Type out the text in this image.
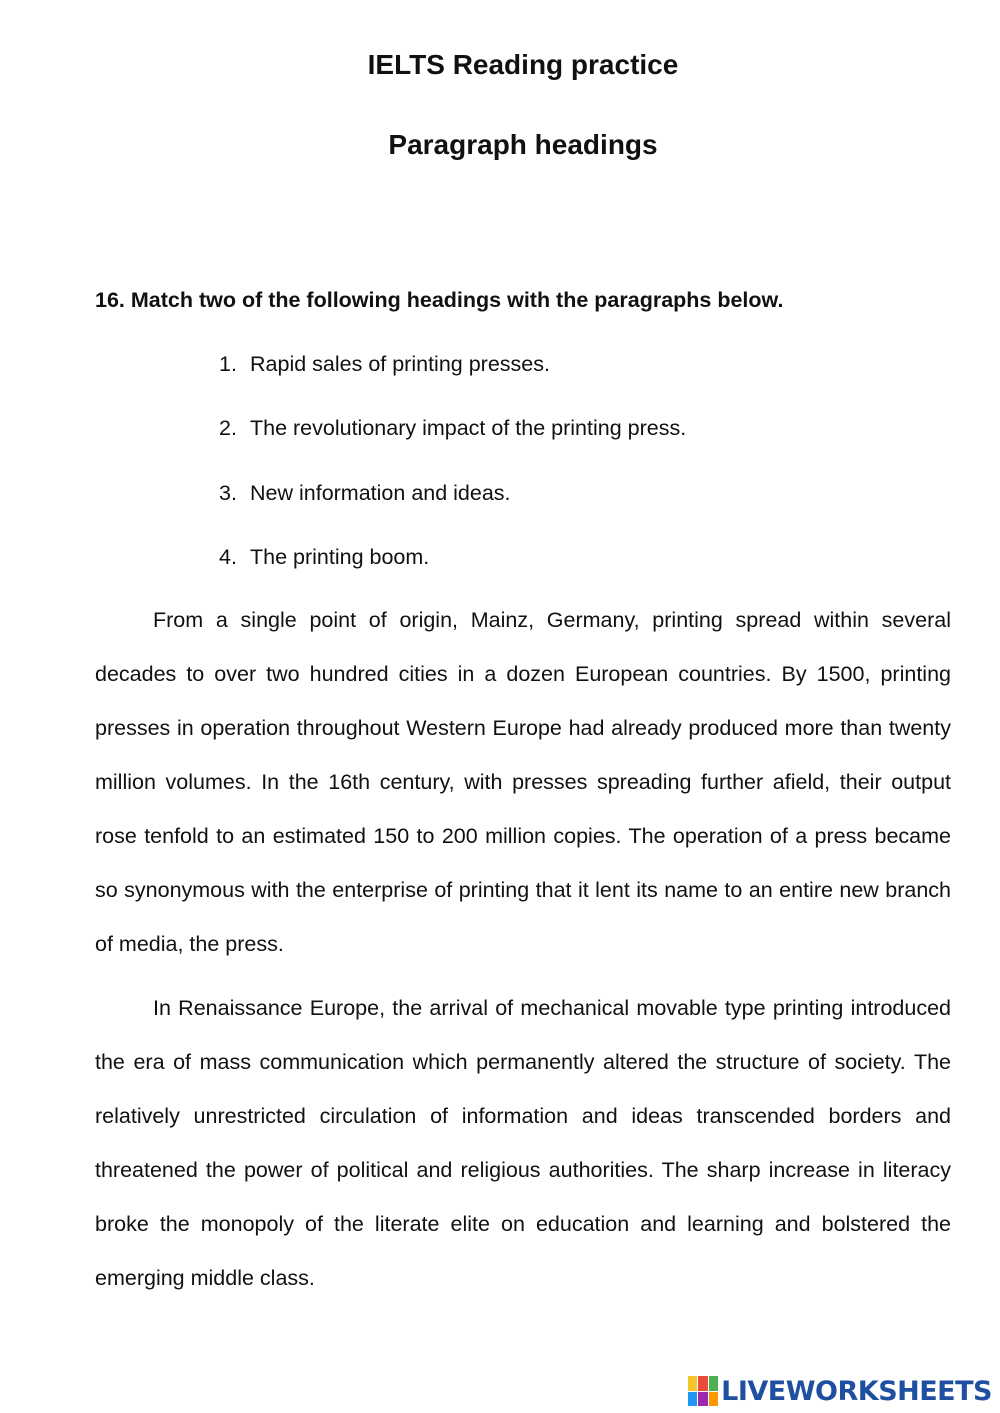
IELTS Reading practice
Paragraph headings

16. Match two of the following headings with the paragraphs below.

1. Rapid sales of printing presses.
2. The revolutionary impact of the printing press.
3. New information and ideas.
4. The printing boom.

From a single point of origin, Mainz, Germany, printing spread within several decades to over two hundred cities in a dozen European countries. By 1500, printing presses in operation throughout Western Europe had already produced more than twenty million volumes. In the 16th century, with presses spreading further afield, their output rose tenfold to an estimated 150 to 200 million copies. The operation of a press became so synonymous with the enterprise of printing that it lent its name to an entire new branch of media, the press.

In Renaissance Europe, the arrival of mechanical movable type printing introduced the era of mass communication which permanently altered the structure of society. The relatively unrestricted circulation of information and ideas transcended borders and threatened the power of political and religious authorities. The sharp increase in literacy broke the monopoly of the literate elite on education and learning and bolstered the emerging middle class.

LIVEWORKSHEETS
